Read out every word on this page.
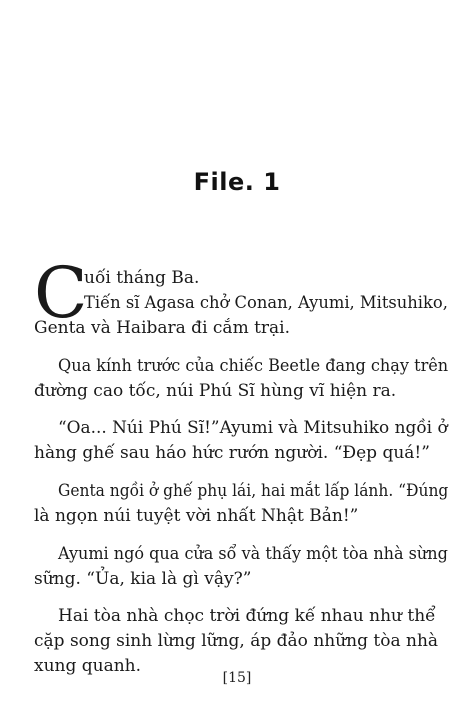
File. 1
C
uối tháng Ba.
Tiến sĩ Agasa chở Conan, Ayumi, Mitsuhiko,
Genta và Haibara đi cắm trại.
Qua kính trước của chiếc Beetle đang chạy trên
đường cao tốc, núi Phú Sĩ hùng vĩ hiện ra.
“Oa... Núi Phú Sĩ!”Ayumi và Mitsuhiko ngồi ở
hàng ghế sau háo hức rướn người. “Đẹp quá!”
Genta ngồi ở ghế phụ lái, hai mắt lấp lánh. “Đúng
là ngọn núi tuyệt vời nhất Nhật Bản!”
Ayumi ngó qua cửa sổ và thấy một tòa nhà sừng
sững. “Ủa, kia là gì vậy?”
Hai tòa nhà chọc trời đứng kế nhau như thể
cặp song sinh lừng lững, áp đảo những tòa nhà
xung quanh.
[15]
